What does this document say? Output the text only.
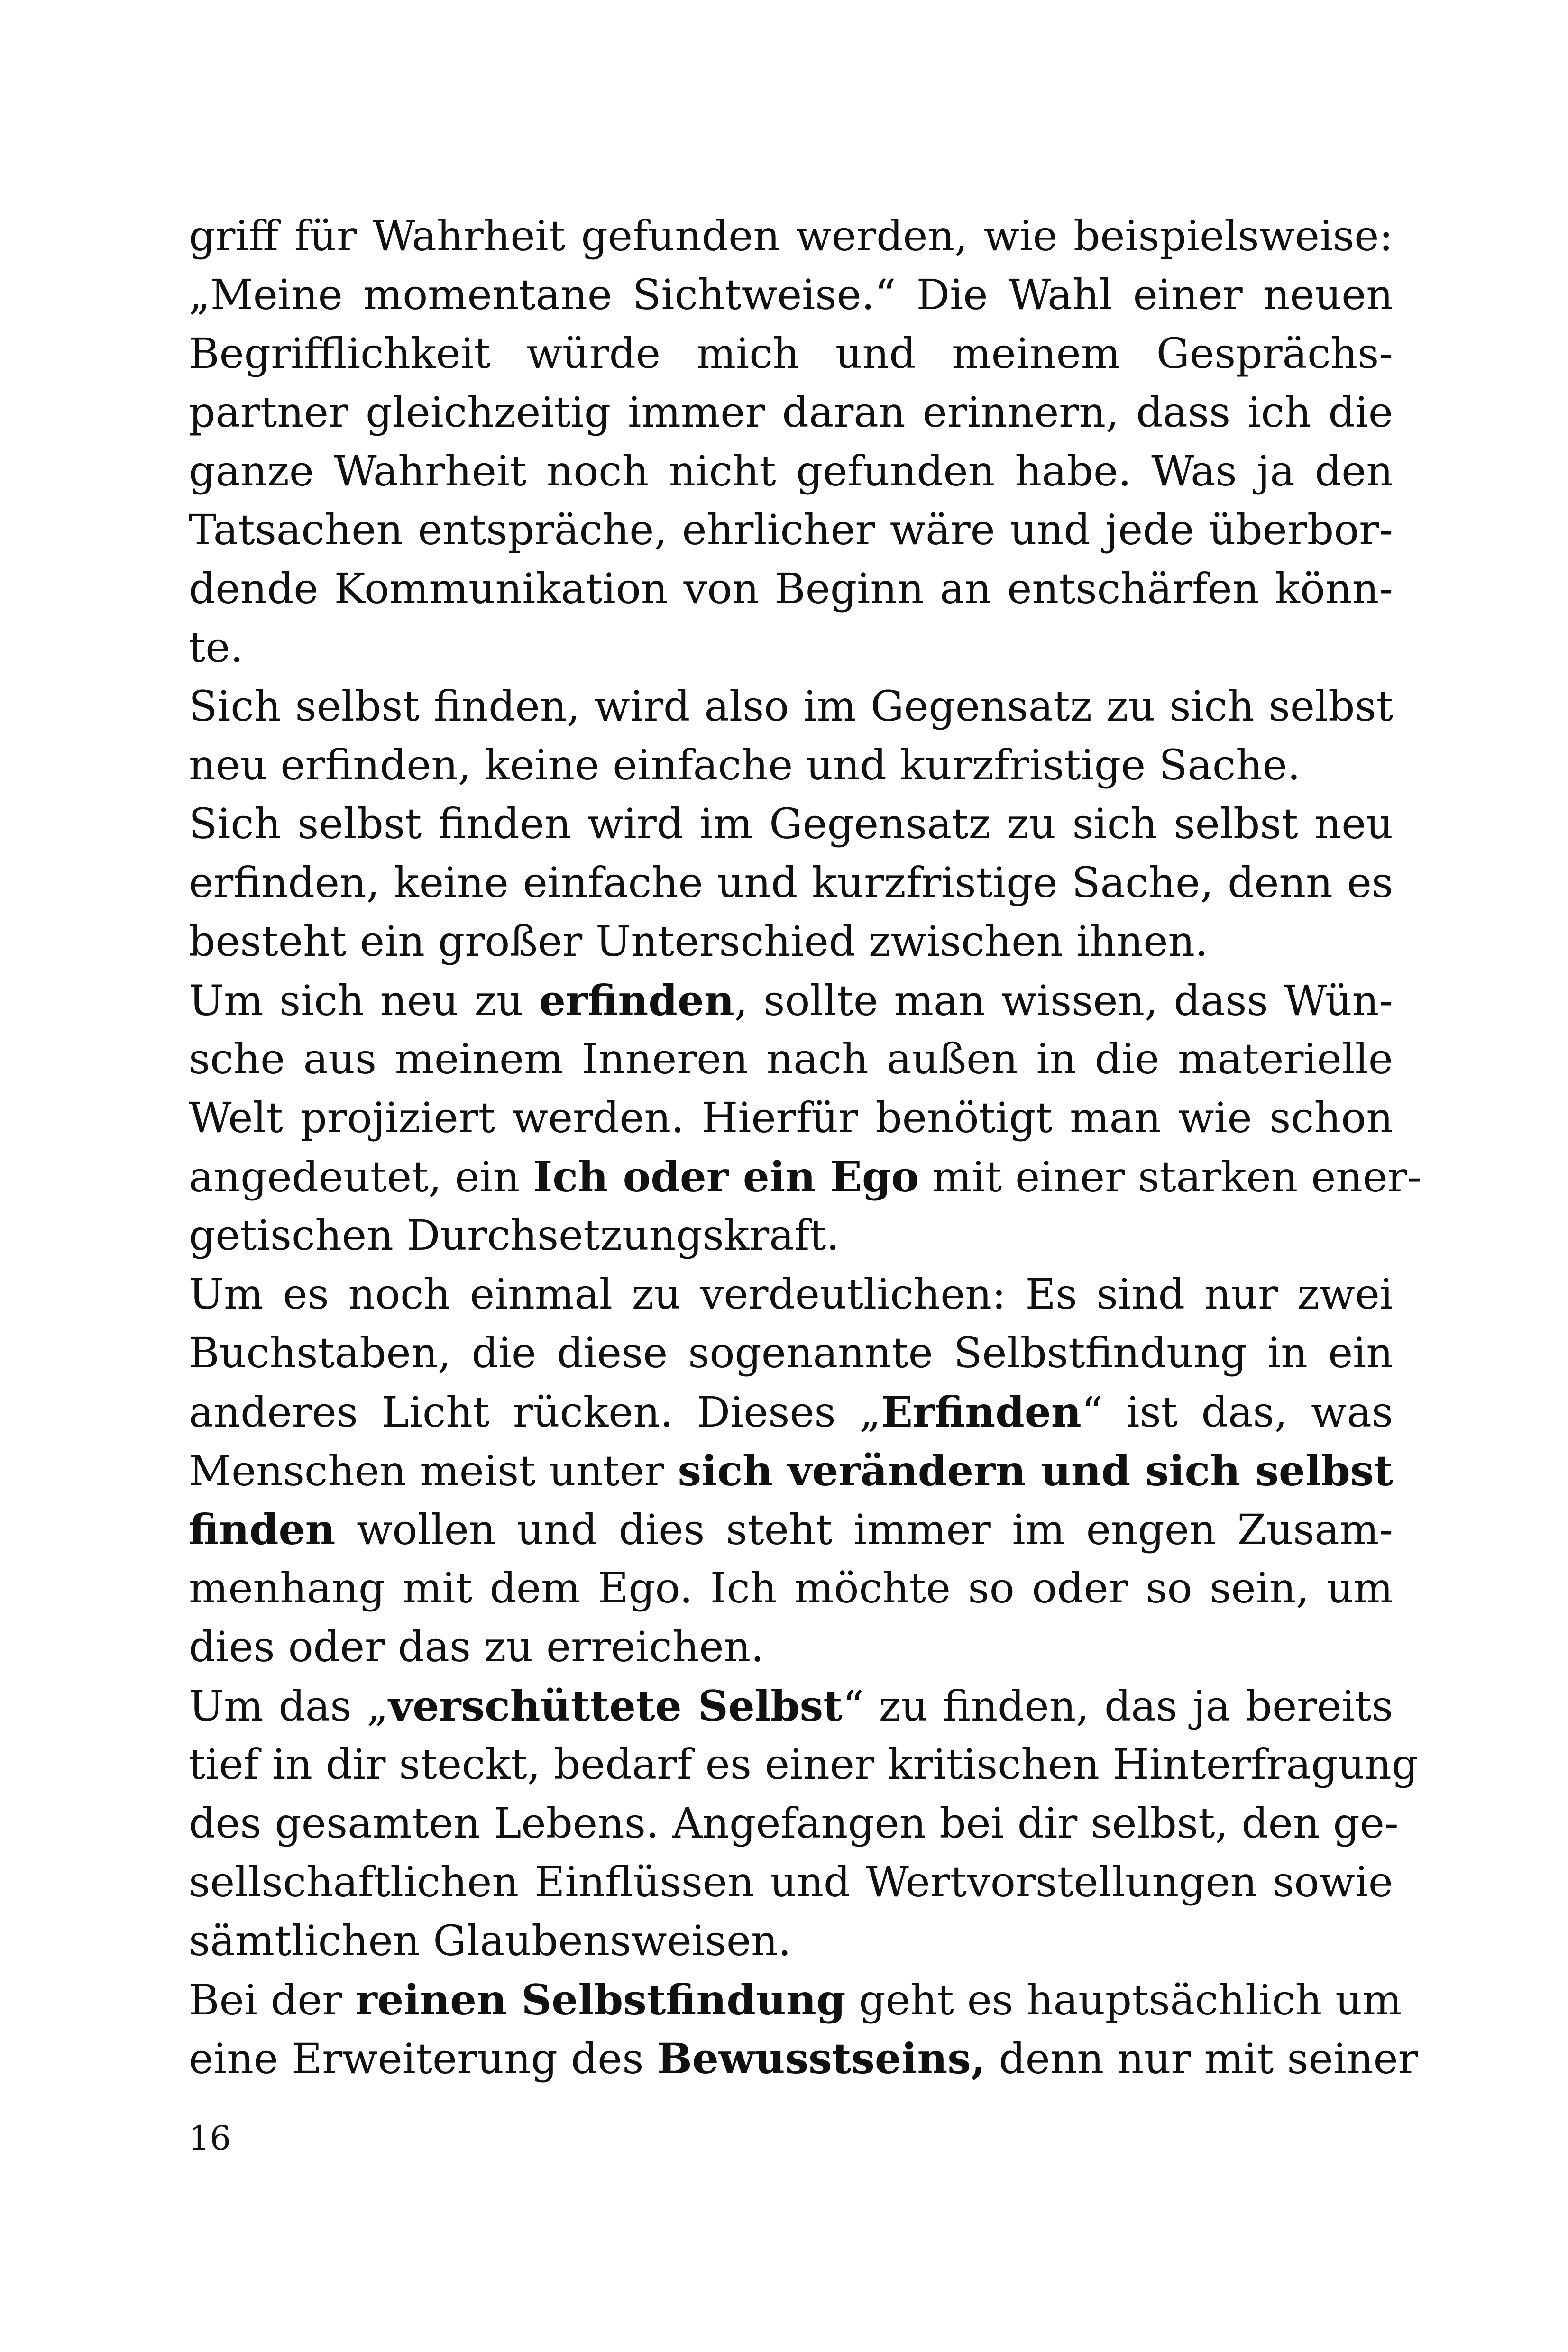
griff für Wahrheit gefunden werden, wie beispielsweise:
„Meine momentane Sichtweise.“ Die Wahl einer neuen
Begrifflichkeit würde mich und meinem Gesprächs-
partner gleichzeitig immer daran erinnern, dass ich die
ganze Wahrheit noch nicht gefunden habe. Was ja den
Tatsachen entspräche, ehrlicher wäre und jede überbor-
dende Kommunikation von Beginn an entschärfen könn-
te.
Sich selbst finden, wird also im Gegensatz zu sich selbst
neu erfinden, keine einfache und kurzfristige Sache.
Sich selbst finden wird im Gegensatz zu sich selbst neu
erfinden, keine einfache und kurzfristige Sache, denn es
besteht ein großer Unterschied zwischen ihnen.
Um sich neu zu erfinden, sollte man wissen, dass Wün-
sche aus meinem Inneren nach außen in die materielle
Welt projiziert werden. Hierfür benötigt man wie schon
angedeutet, ein Ich oder ein Ego mit einer starken ener-
getischen Durchsetzungskraft.
Um es noch einmal zu verdeutlichen: Es sind nur zwei
Buchstaben, die diese sogenannte Selbstfindung in ein
anderes Licht rücken. Dieses „Erfinden“ ist das, was
Menschen meist unter sich verändern und sich selbst
finden wollen und dies steht immer im engen Zusam-
menhang mit dem Ego. Ich möchte so oder so sein, um
dies oder das zu erreichen.
Um das „verschüttete Selbst“ zu finden, das ja bereits
tief in dir steckt, bedarf es einer kritischen Hinterfragung
des gesamten Lebens. Angefangen bei dir selbst, den ge-
sellschaftlichen Einflüssen und Wertvorstellungen sowie
sämtlichen Glaubensweisen.
Bei der reinen Selbstfindung geht es hauptsächlich um
eine Erweiterung des Bewusstseins, denn nur mit seiner
16
